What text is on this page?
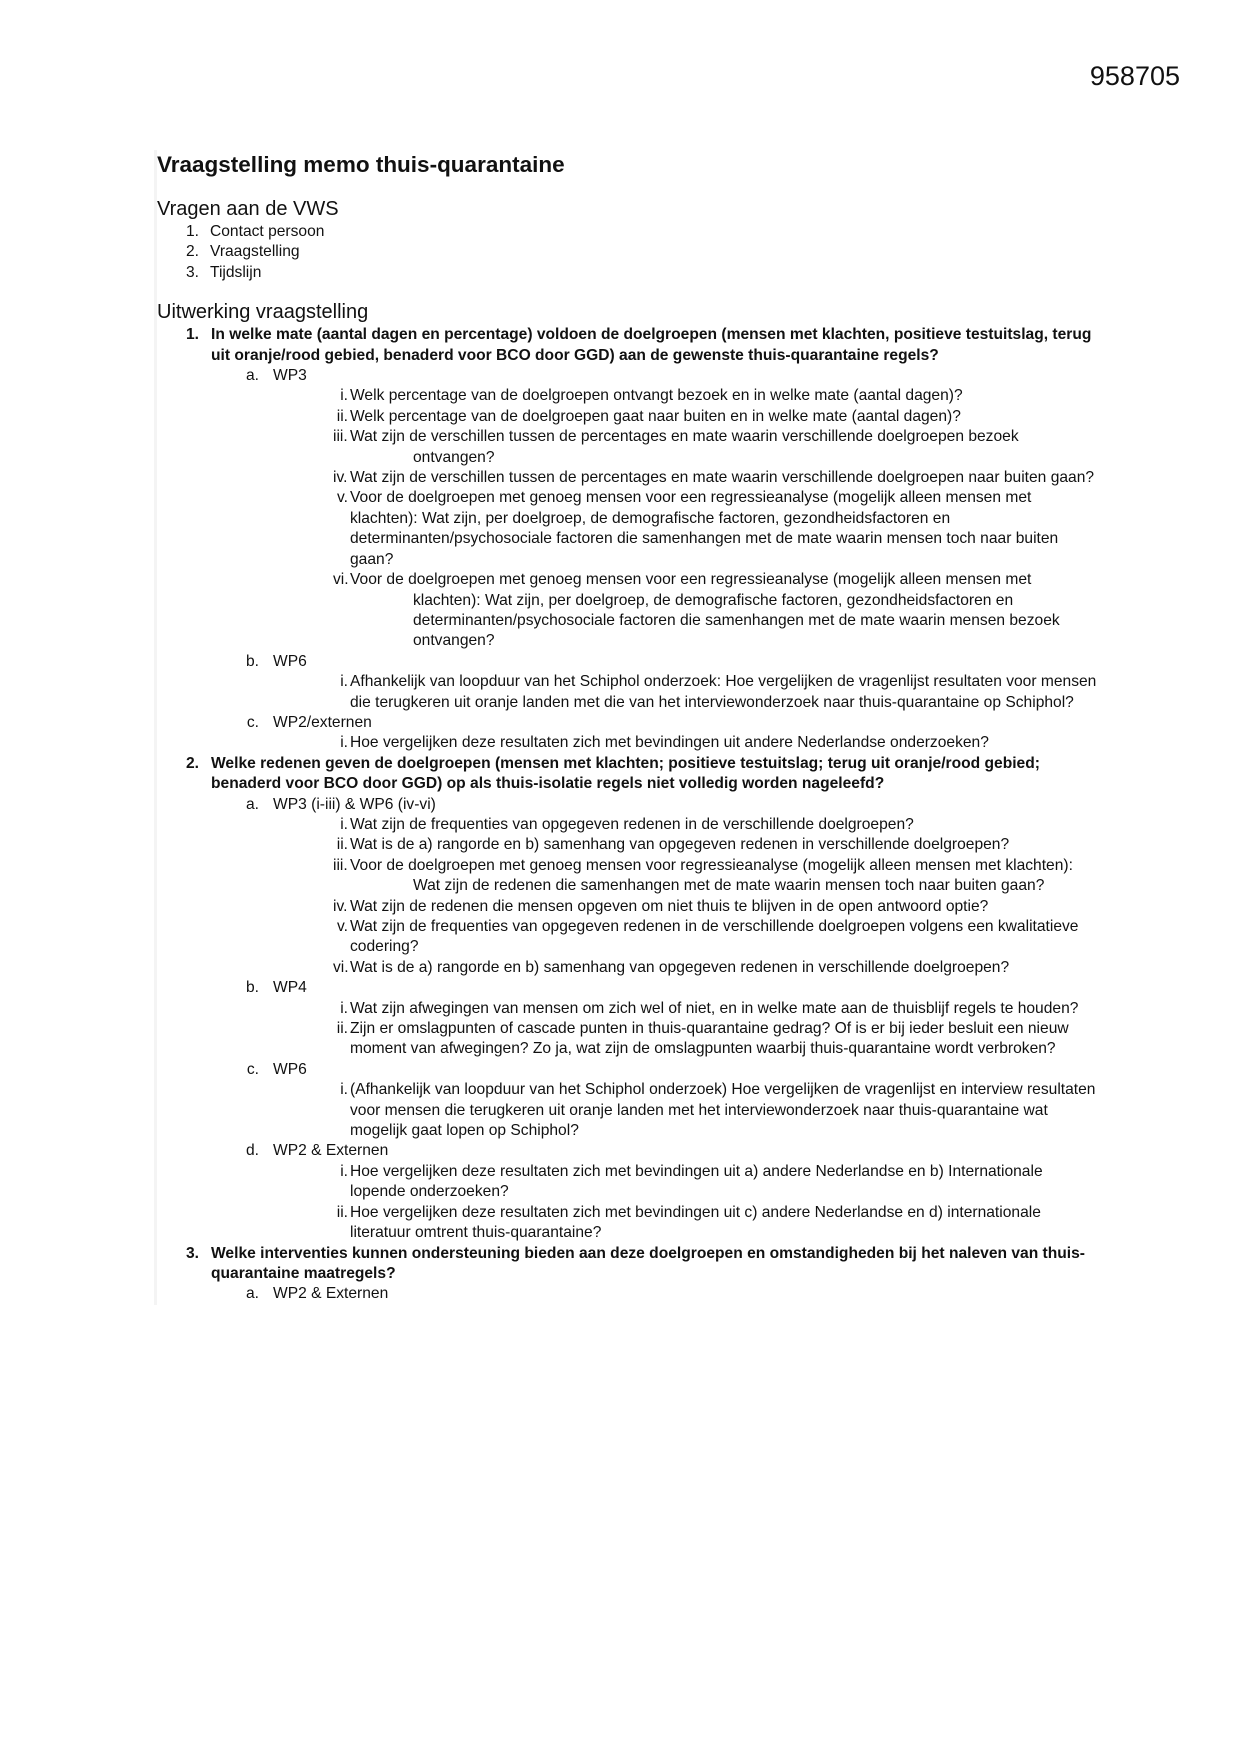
958705
Vraagstelling memo thuis-quarantaine
Vragen aan de VWS
1. Contact persoon
2. Vraagstelling
3. Tijdslijn
Uitwerking vraagstelling
1. In welke mate (aantal dagen en percentage) voldoen de doelgroepen (mensen met klachten, positieve testuitslag, terug uit oranje/rood gebied, benaderd voor BCO door GGD) aan de gewenste thuis-quarantaine regels?
a. WP3
i. Welk percentage van de doelgroepen ontvangt bezoek en in welke mate (aantal dagen)?
ii. Welk percentage van de doelgroepen gaat naar buiten en in welke mate (aantal dagen)?
iii. Wat zijn de verschillen tussen de percentages en mate waarin verschillende doelgroepen bezoek ontvangen?
iv. Wat zijn de verschillen tussen de percentages en mate waarin verschillende doelgroepen naar buiten gaan?
v. Voor de doelgroepen met genoeg mensen voor een regressieanalyse (mogelijk alleen mensen met klachten): Wat zijn, per doelgroep, de demografische factoren, gezondheidsfactoren en determinanten/psychosociale factoren die samenhangen met de mate waarin mensen toch naar buiten gaan?
vi. Voor de doelgroepen met genoeg mensen voor een regressieanalyse (mogelijk alleen mensen met klachten): Wat zijn, per doelgroep, de demografische factoren, gezondheidsfactoren en determinanten/psychosociale factoren die samenhangen met de mate waarin mensen bezoek ontvangen?
b. WP6
i. Afhankelijk van loopduur van het Schiphol onderzoek: Hoe vergelijken de vragenlijst resultaten voor mensen die terugkeren uit oranje landen met die van het interviewonderzoek naar thuis-quarantaine op Schiphol?
c. WP2/externen
i. Hoe vergelijken deze resultaten zich met bevindingen uit andere Nederlandse onderzoeken?
2. Welke redenen geven de doelgroepen (mensen met klachten; positieve testuitslag; terug uit oranje/rood gebied; benaderd voor BCO door GGD) op als thuis-isolatie regels niet volledig worden nageleefd?
a. WP3 (i-iii) & WP6 (iv-vi)
i. Wat zijn de frequenties van opgegeven redenen in de verschillende doelgroepen?
ii. Wat is de a) rangorde en b) samenhang van opgegeven redenen in verschillende doelgroepen?
iii. Voor de doelgroepen met genoeg mensen voor regressieanalyse (mogelijk alleen mensen met klachten): Wat zijn de redenen die samenhangen met de mate waarin mensen toch naar buiten gaan?
iv. Wat zijn de redenen die mensen opgeven om niet thuis te blijven in de open antwoord optie?
v. Wat zijn de frequenties van opgegeven redenen in de verschillende doelgroepen volgens een kwalitatieve codering?
vi. Wat is de a) rangorde en b) samenhang van opgegeven redenen in verschillende doelgroepen?
b. WP4
i. Wat zijn afwegingen van mensen om zich wel of niet, en in welke mate aan de thuisblijf regels te houden?
ii. Zijn er omslagpunten of cascade punten in thuis-quarantaine gedrag? Of is er bij ieder besluit een nieuw moment van afwegingen? Zo ja, wat zijn de omslagpunten waarbij thuis-quarantaine wordt verbroken?
c. WP6
i. (Afhankelijk van loopduur van het Schiphol onderzoek) Hoe vergelijken de vragenlijst en interview resultaten voor mensen die terugkeren uit oranje landen met het interviewonderzoek naar thuis-quarantaine wat mogelijk gaat lopen op Schiphol?
d. WP2 & Externen
i. Hoe vergelijken deze resultaten zich met bevindingen uit a) andere Nederlandse en b) Internationale lopende onderzoeken?
ii. Hoe vergelijken deze resultaten zich met bevindingen uit c) andere Nederlandse en d) internationale literatuur omtrent thuis-quarantaine?
3. Welke interventies kunnen ondersteuning bieden aan deze doelgroepen en omstandigheden bij het naleven van thuis-quarantaine maatregels?
a. WP2 & Externen
